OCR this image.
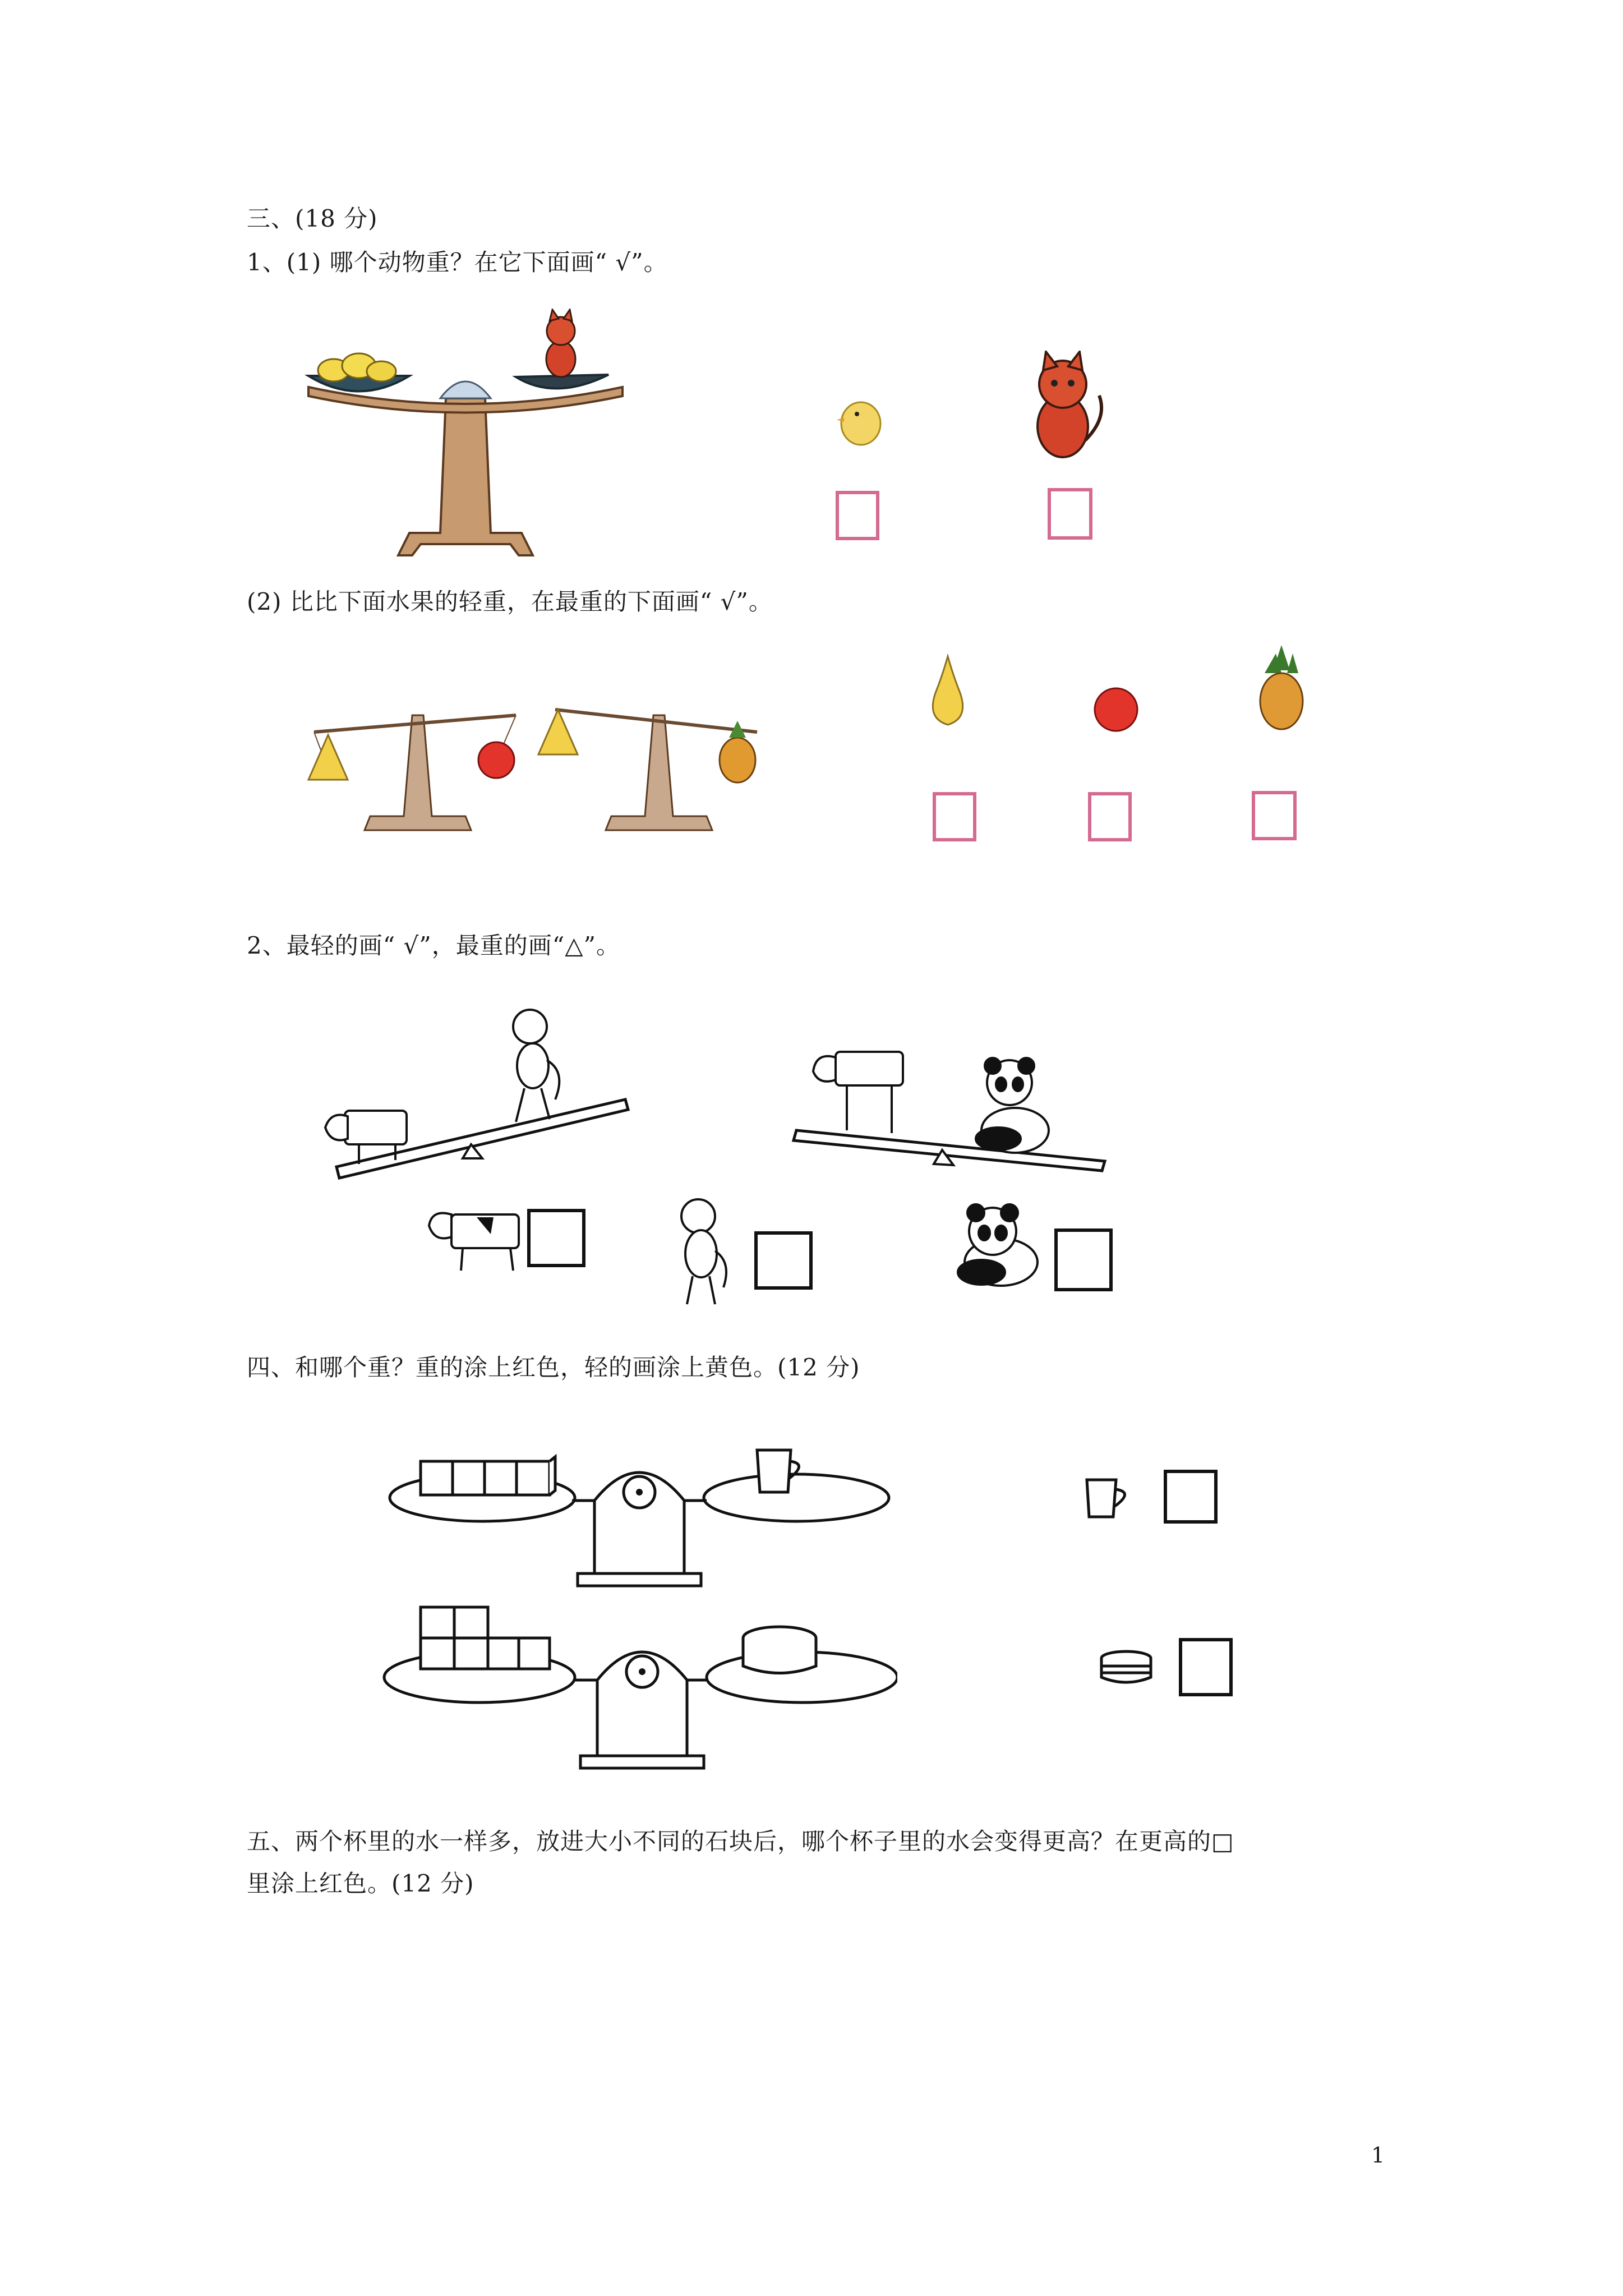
三、(18 分)
1、(1) 哪个动物重？在它下面画“ √”。
(2) 比比下面水果的轻重，在最重的下面画“ √”。
2、最轻的画“ √”，最重的画“△”。
四、和哪个重？重的涂上红色，轻的画涂上黄色。(12 分)
五、两个杯里的水一样多，放进大小不同的石块后，哪个杯子里的水会变得更高？在更高的□
里涂上红色。(12 分)
1
